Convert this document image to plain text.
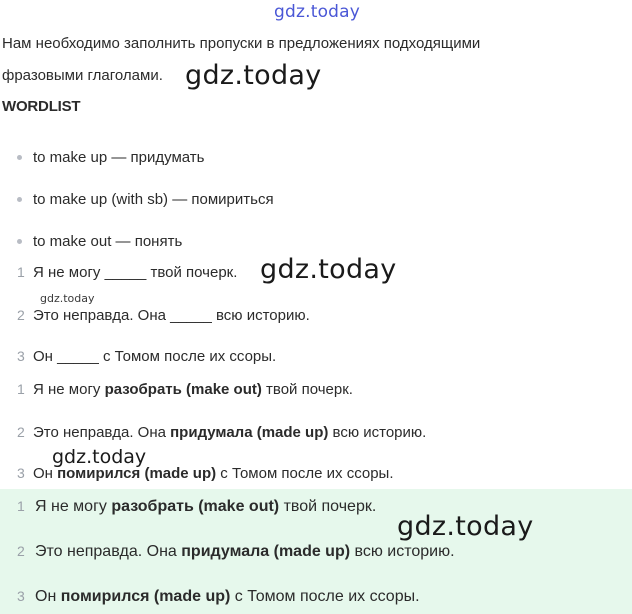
gdz.today
Нам необходимо заполнить пропуски в предложениях подходящими
фразовыми глаголами. gdz.today
WORDLIST
to make up — придумать
to make up (with sb) — помириться
to make out — понять
1 Я не могу _____ твой почерк. gdz.today
gdz.today
2 Это неправда. Она _____ всю историю.
3 Он _____ с Томом после их ссоры.
1 Я не могу разобрать (make out) твой почерк.
2 Это неправда. Она придумала (made up) всю историю.
gdz.today
3 Он помирился (made up) с Томом после их ссоры.
1 Я не могу разобрать (make out) твой почерк.
gdz.today
2 Это неправда. Она придумала (made up) всю историю.
3 Он помирился (made up) с Томом после их ссоры.
